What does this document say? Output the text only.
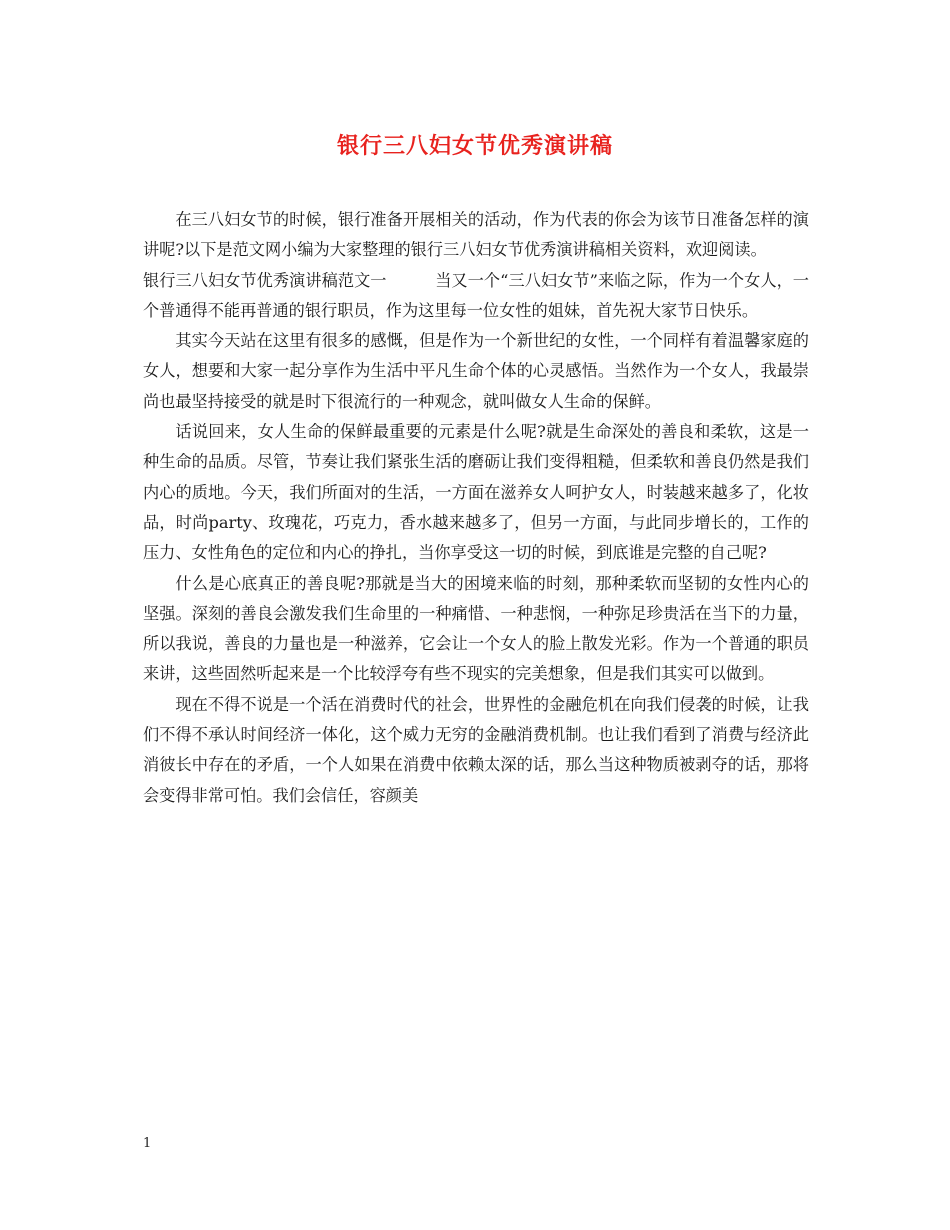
银行三八妇女节优秀演讲稿

在三八妇女节的时候，银行准备开展相关的活动，作为代表的你会为该节日准备怎样的演讲呢?以下是范文网小编为大家整理的银行三八妇女节优秀演讲稿相关资料，欢迎阅读。

银行三八妇女节优秀演讲稿范文一	当又一个“三八妇女节”来临之际，作为一个女人，一个普通得不能再普通的银行职员，作为这里每一位女性的姐妹，首先祝大家节日快乐。

其实今天站在这里有很多的感慨，但是作为一个新世纪的女性，一个同样有着温馨家庭的女人，想要和大家一起分享作为生活中平凡生命个体的心灵感悟。当然作为一个女人，我最崇尚也最坚持接受的就是时下很流行的一种观念，就叫做女人生命的保鲜。

话说回来，女人生命的保鲜最重要的元素是什么呢?就是生命深处的善良和柔软，这是一种生命的品质。尽管，节奏让我们紧张生活的磨砺让我们变得粗糙，但柔软和善良仍然是我们内心的质地。今天，我们所面对的生活，一方面在滋养女人呵护女人，时装越来越多了，化妆品，时尚party、玫瑰花，巧克力，香水越来越多了，但另一方面，与此同步增长的，工作的压力、女性角色的定位和内心的挣扎，当你享受这一切的时候，到底谁是完整的自己呢?

什么是心底真正的善良呢?那就是当大的困境来临的时刻，那种柔软而坚韧的女性内心的坚强。深刻的善良会激发我们生命里的一种痛惜、一种悲悯，一种弥足珍贵活在当下的力量，所以我说，善良的力量也是一种滋养，它会让一个女人的脸上散发光彩。作为一个普通的职员来讲，这些固然听起来是一个比较浮夸有些不现实的完美想象，但是我们其实可以做到。

现在不得不说是一个活在消费时代的社会，世界性的金融危机在向我们侵袭的时候，让我们不得不承认时间经济一体化，这个威力无穷的金融消费机制。也让我们看到了消费与经济此消彼长中存在的矛盾，一个人如果在消费中依赖太深的话，那么当这种物质被剥夺的话，那将会变得非常可怕。我们会信任，容颜美

1
